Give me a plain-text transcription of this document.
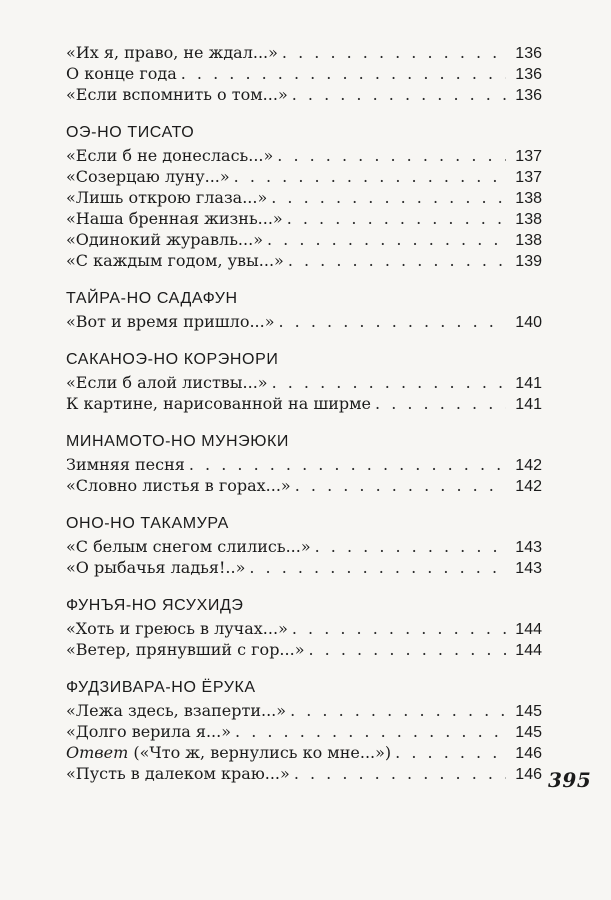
«Их я, право, не ждал...» . . .	136
О конце года . . .	136
«Если вспомнить о том...» . . .	136
ОЭ-НО ТИСАТО
«Если б не донеслась...» . . .	137
«Созерцаю луну...» . . .	137
«Лишь открою глаза...» . . .	138
«Наша бренная жизнь...» . . .	138
«Одинокий журавль...» . . .	138
«С каждым годом, увы...» . . .	139
ТАЙРА-НО САДАФУН
«Вот и время пришло...» . . .	140
САКАНОЭ-НО КОРЭНОРИ
«Если б алой листвы...» . . .	141
К картине, нарисованной на ширме . . .	141
МИНАМОТО-НО МУНЭЮКИ
Зимняя песня . . .	142
«Словно листья в горах...» . . .	142
ОНО-НО ТАКАМУРА
«С белым снегом слились...» . . .	143
«О рыбачья ладья!..» . . .	143
ФУНЪЯ-НО ЯСУХИДЭ
«Хоть и греюсь в лучах...» . . .	144
«Ветер, прянувший с гор...» . . .	144
ФУДЗИВАРА-НО ЁРУКА
«Лежа здесь, взаперти...» . . .	145
«Долго верила я...» . . .	145
Ответ («Что ж, вернулись ко мне...») . . .	146
«Пусть в далеком краю...» . . .	146 395
